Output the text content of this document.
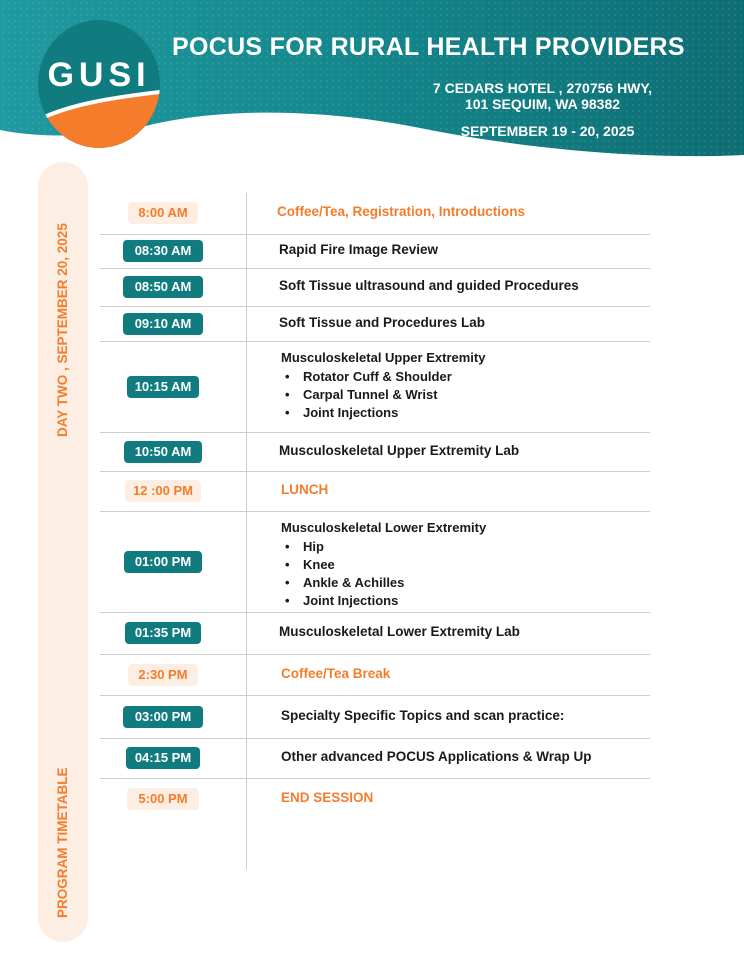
GUSI
POCUS FOR RURAL HEALTH PROVIDERS
7 CEDARS HOTEL , 270756 HWY,
101 SEQUIM, WA 98382
SEPTEMBER 19 - 20, 2025
DAY TWO , SEPTEMBER 20, 2025
PROGRAM TIMETABLE
8:00 AM	Coffee/Tea, Registration, Introductions
08:30 AM	Rapid Fire Image Review
08:50 AM	Soft Tissue ultrasound and guided Procedures
09:10 AM	Soft Tissue and Procedures Lab
10:15 AM
Musculoskeletal Upper Extremity
• Rotator Cuff & Shoulder
• Carpal Tunnel & Wrist
• Joint Injections
10:50 AM	Musculoskeletal Upper Extremity Lab
12 :00 PM	LUNCH
01:00 PM
Musculoskeletal Lower Extremity
• Hip
• Knee
• Ankle & Achilles
• Joint Injections
01:35 PM	Musculoskeletal Lower Extremity Lab
2:30 PM	Coffee/Tea Break
03:00 PM	Specialty Specific Topics and scan practice:
04:15 PM	Other advanced POCUS Applications & Wrap Up
5:00 PM	END SESSION
